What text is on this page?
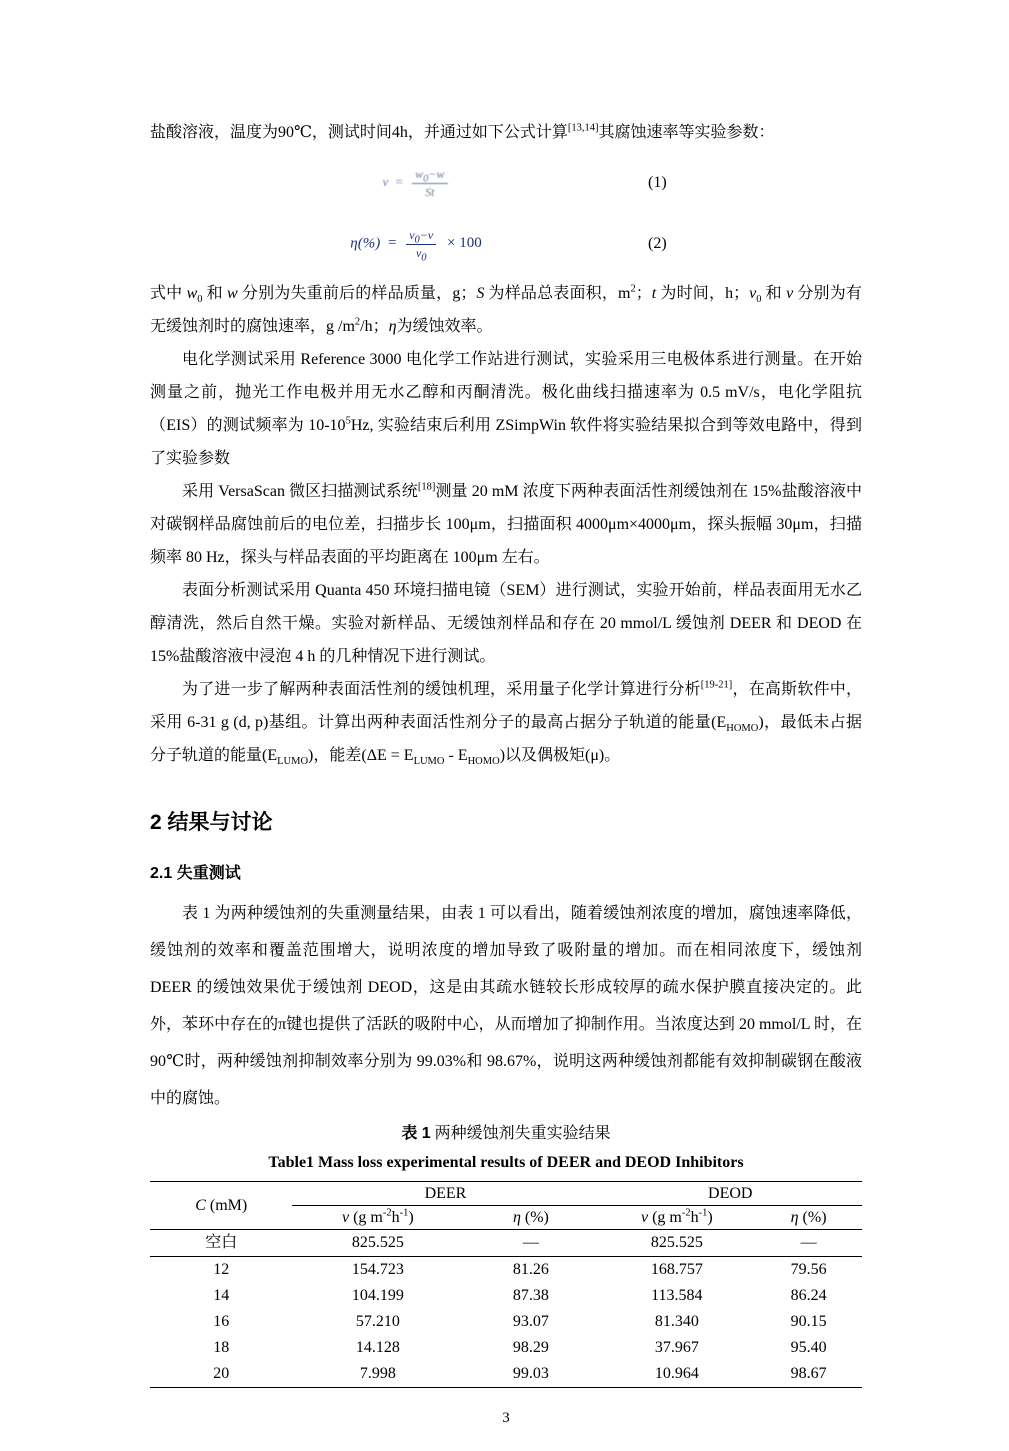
盐酸溶液，温度为90℃，测试时间4h，并通过如下公式计算[13,14]其腐蚀速率等实验参数：

$v = \frac{w_0-w}{St}$	(1)
$\eta(\%) = \frac{v_0-v}{v_0} \times 100$	(2)

式中 $w_0$ 和 w 分别为失重前后的样品质量，g；S 为样品总表面积，$m^2$；t 为时间，h；$v_0$ 和 v 分别为有无缓蚀剂时的腐蚀速率，g $/m^2/h$；η为缓蚀效率。

电化学测试采用 Reference 3000 电化学工作站进行测试，实验采用三电极体系进行测量。在开始测量之前，抛光工作电极并用无水乙醇和丙酮清洗。极化曲线扫描速率为 0.5 mV/s，电化学阻抗（EIS）的测试频率为 $10-10^5Hz$, 实验结束后利用 ZSimpWin 软件将实验结果拟合到等效电路中，得到了实验参数

采用 VersaScan 微区扫描测试系统[18]测量 20 mM 浓度下两种表面活性剂缓蚀剂在 15%盐酸溶液中对碳钢样品腐蚀前后的电位差，扫描步长 100μm，扫描面积 4000μm×4000μm，探头振幅 30μm，扫描频率 80 Hz，探头与样品表面的平均距离在 100μm 左右。

表面分析测试采用 Quanta 450 环境扫描电镜（SEM）进行测试，实验开始前，样品表面用无水乙醇清洗，然后自然干燥。实验对新样品、无缓蚀剂样品和存在 20 mmol/L 缓蚀剂 DEER 和 DEOD 在 15%盐酸溶液中浸泡 4 h 的几种情况下进行测试。

为了进一步了解两种表面活性剂的缓蚀机理，采用量子化学计算进行分析[19-21]，在高斯软件中，采用 6-31 g (d, p)基组。计算出两种表面活性剂分子的最高占据分子轨道的能量$(E_{HOMO})$，最低未占据分子轨道的能量$(E_{LUMO})$，能差$(\Delta E = E_{LUMO} - E_{HOMO})$以及偶极矩(μ)。

2 结果与讨论
2.1 失重测试

表 1 为两种缓蚀剂的失重测量结果，由表 1 可以看出，随着缓蚀剂浓度的增加，腐蚀速率降低，缓蚀剂的效率和覆盖范围增大，说明浓度的增加导致了吸附量的增加。而在相同浓度下，缓蚀剂 DEER 的缓蚀效果优于缓蚀剂 DEOD，这是由其疏水链较长形成较厚的疏水保护膜直接决定的。此外，苯环中存在的π键也提供了活跃的吸附中心，从而增加了抑制作用。当浓度达到 20 mmol/L 时，在 90℃时，两种缓蚀剂抑制效率分别为 99.03%和 98.67%，说明这两种缓蚀剂都能有效抑制碳钢在酸液中的腐蚀。

表 1 两种缓蚀剂失重实验结果

Table1 Mass loss experimental results of DEER and DEOD Inhibitors

C (mM)	DEER		DEOD	
	v (g $m^{-2}h^{-1}$)	η (%)	v (g $m^{-2}h^{-1}$)	η (%)
空白	825.525	—	825.525	—
12	154.723	81.26	168.757	79.56
14	104.199	87.38	113.584	86.24
16	57.210	93.07	81.340	90.15
18	14.128	98.29	37.967	95.40
20	7.998	99.03	10.964	98.67
3
